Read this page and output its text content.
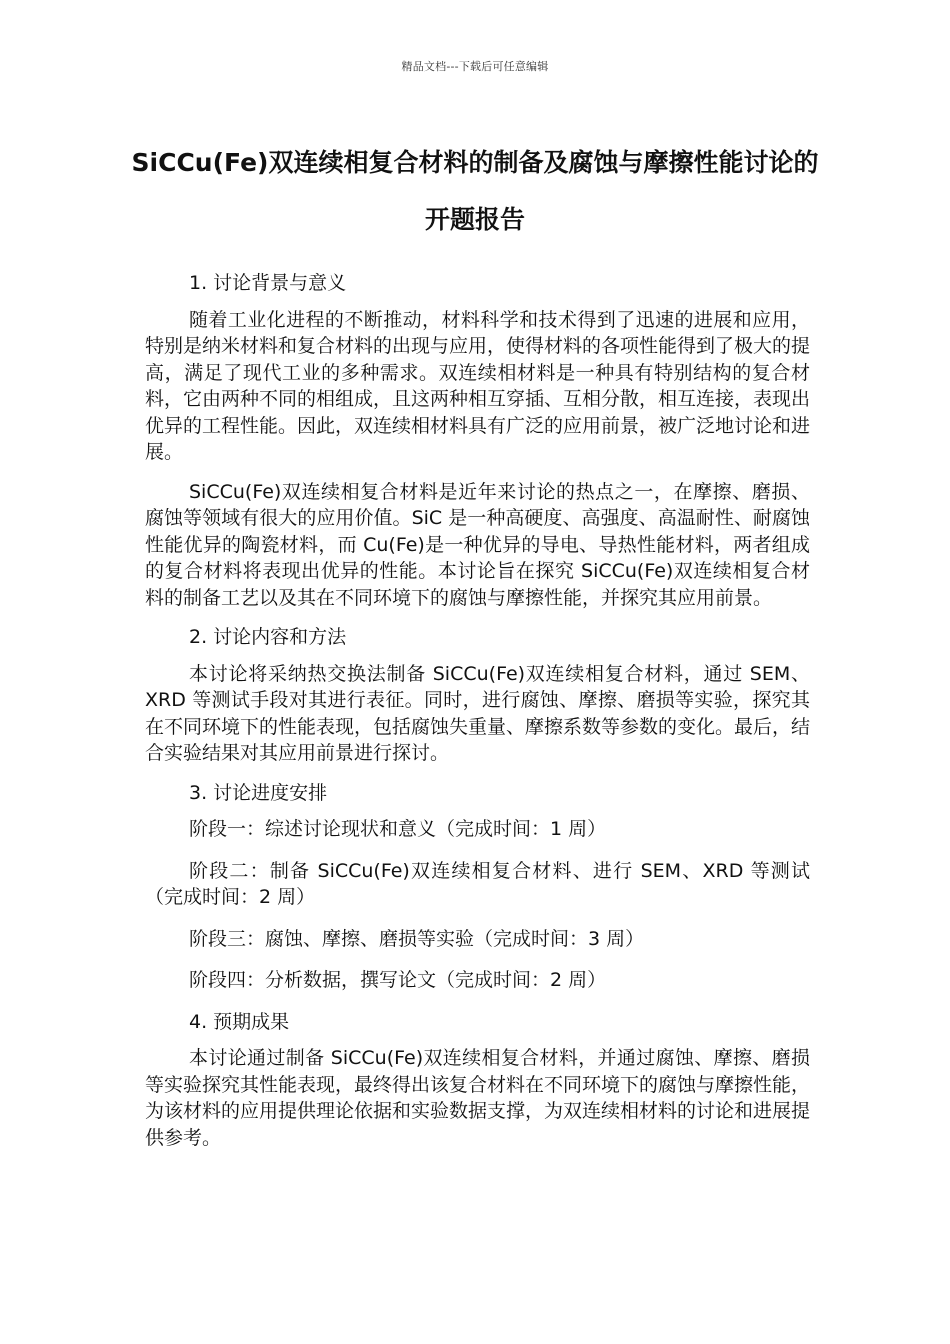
精品文档---下载后可任意编辑
SiCCu(Fe)双连续相复合材料的制备及腐蚀与摩擦性能讨论的开题报告

1. 讨论背景与意义

随着工业化进程的不断推动，材料科学和技术得到了迅速的进展和应用，特别是纳米材料和复合材料的出现与应用，使得材料的各项性能得到了极大的提高，满足了现代工业的多种需求。双连续相材料是一种具有特别结构的复合材料，它由两种不同的相组成，且这两种相互穿插、互相分散，相互连接，表现出优异的工程性能。因此，双连续相材料具有广泛的应用前景，被广泛地讨论和进展。

SiCCu(Fe)双连续相复合材料是近年来讨论的热点之一，在摩擦、磨损、腐蚀等领域有很大的应用价值。SiC 是一种高硬度、高强度、高温耐性、耐腐蚀性能优异的陶瓷材料，而 Cu(Fe)是一种优异的导电、导热性能材料，两者组成的复合材料将表现出优异的性能。本讨论旨在探究 SiCCu(Fe)双连续相复合材料的制备工艺以及其在不同环境下的腐蚀与摩擦性能，并探究其应用前景。

2. 讨论内容和方法

本讨论将采纳热交换法制备 SiCCu(Fe)双连续相复合材料，通过 SEM、XRD 等测试手段对其进行表征。同时，进行腐蚀、摩擦、磨损等实验，探究其在不同环境下的性能表现，包括腐蚀失重量、摩擦系数等参数的变化。最后，结合实验结果对其应用前景进行探讨。

3. 讨论进度安排

阶段一：综述讨论现状和意义（完成时间：1 周）

阶段二：制备 SiCCu(Fe)双连续相复合材料、进行 SEM、XRD 等测试（完成时间：2 周）

阶段三：腐蚀、摩擦、磨损等实验（完成时间：3 周）

阶段四：分析数据，撰写论文（完成时间：2 周）

4. 预期成果

本讨论通过制备 SiCCu(Fe)双连续相复合材料，并通过腐蚀、摩擦、磨损等实验探究其性能表现，最终得出该复合材料在不同环境下的腐蚀与摩擦性能，为该材料的应用提供理论依据和实验数据支撑，为双连续相材料的讨论和进展提供参考。
